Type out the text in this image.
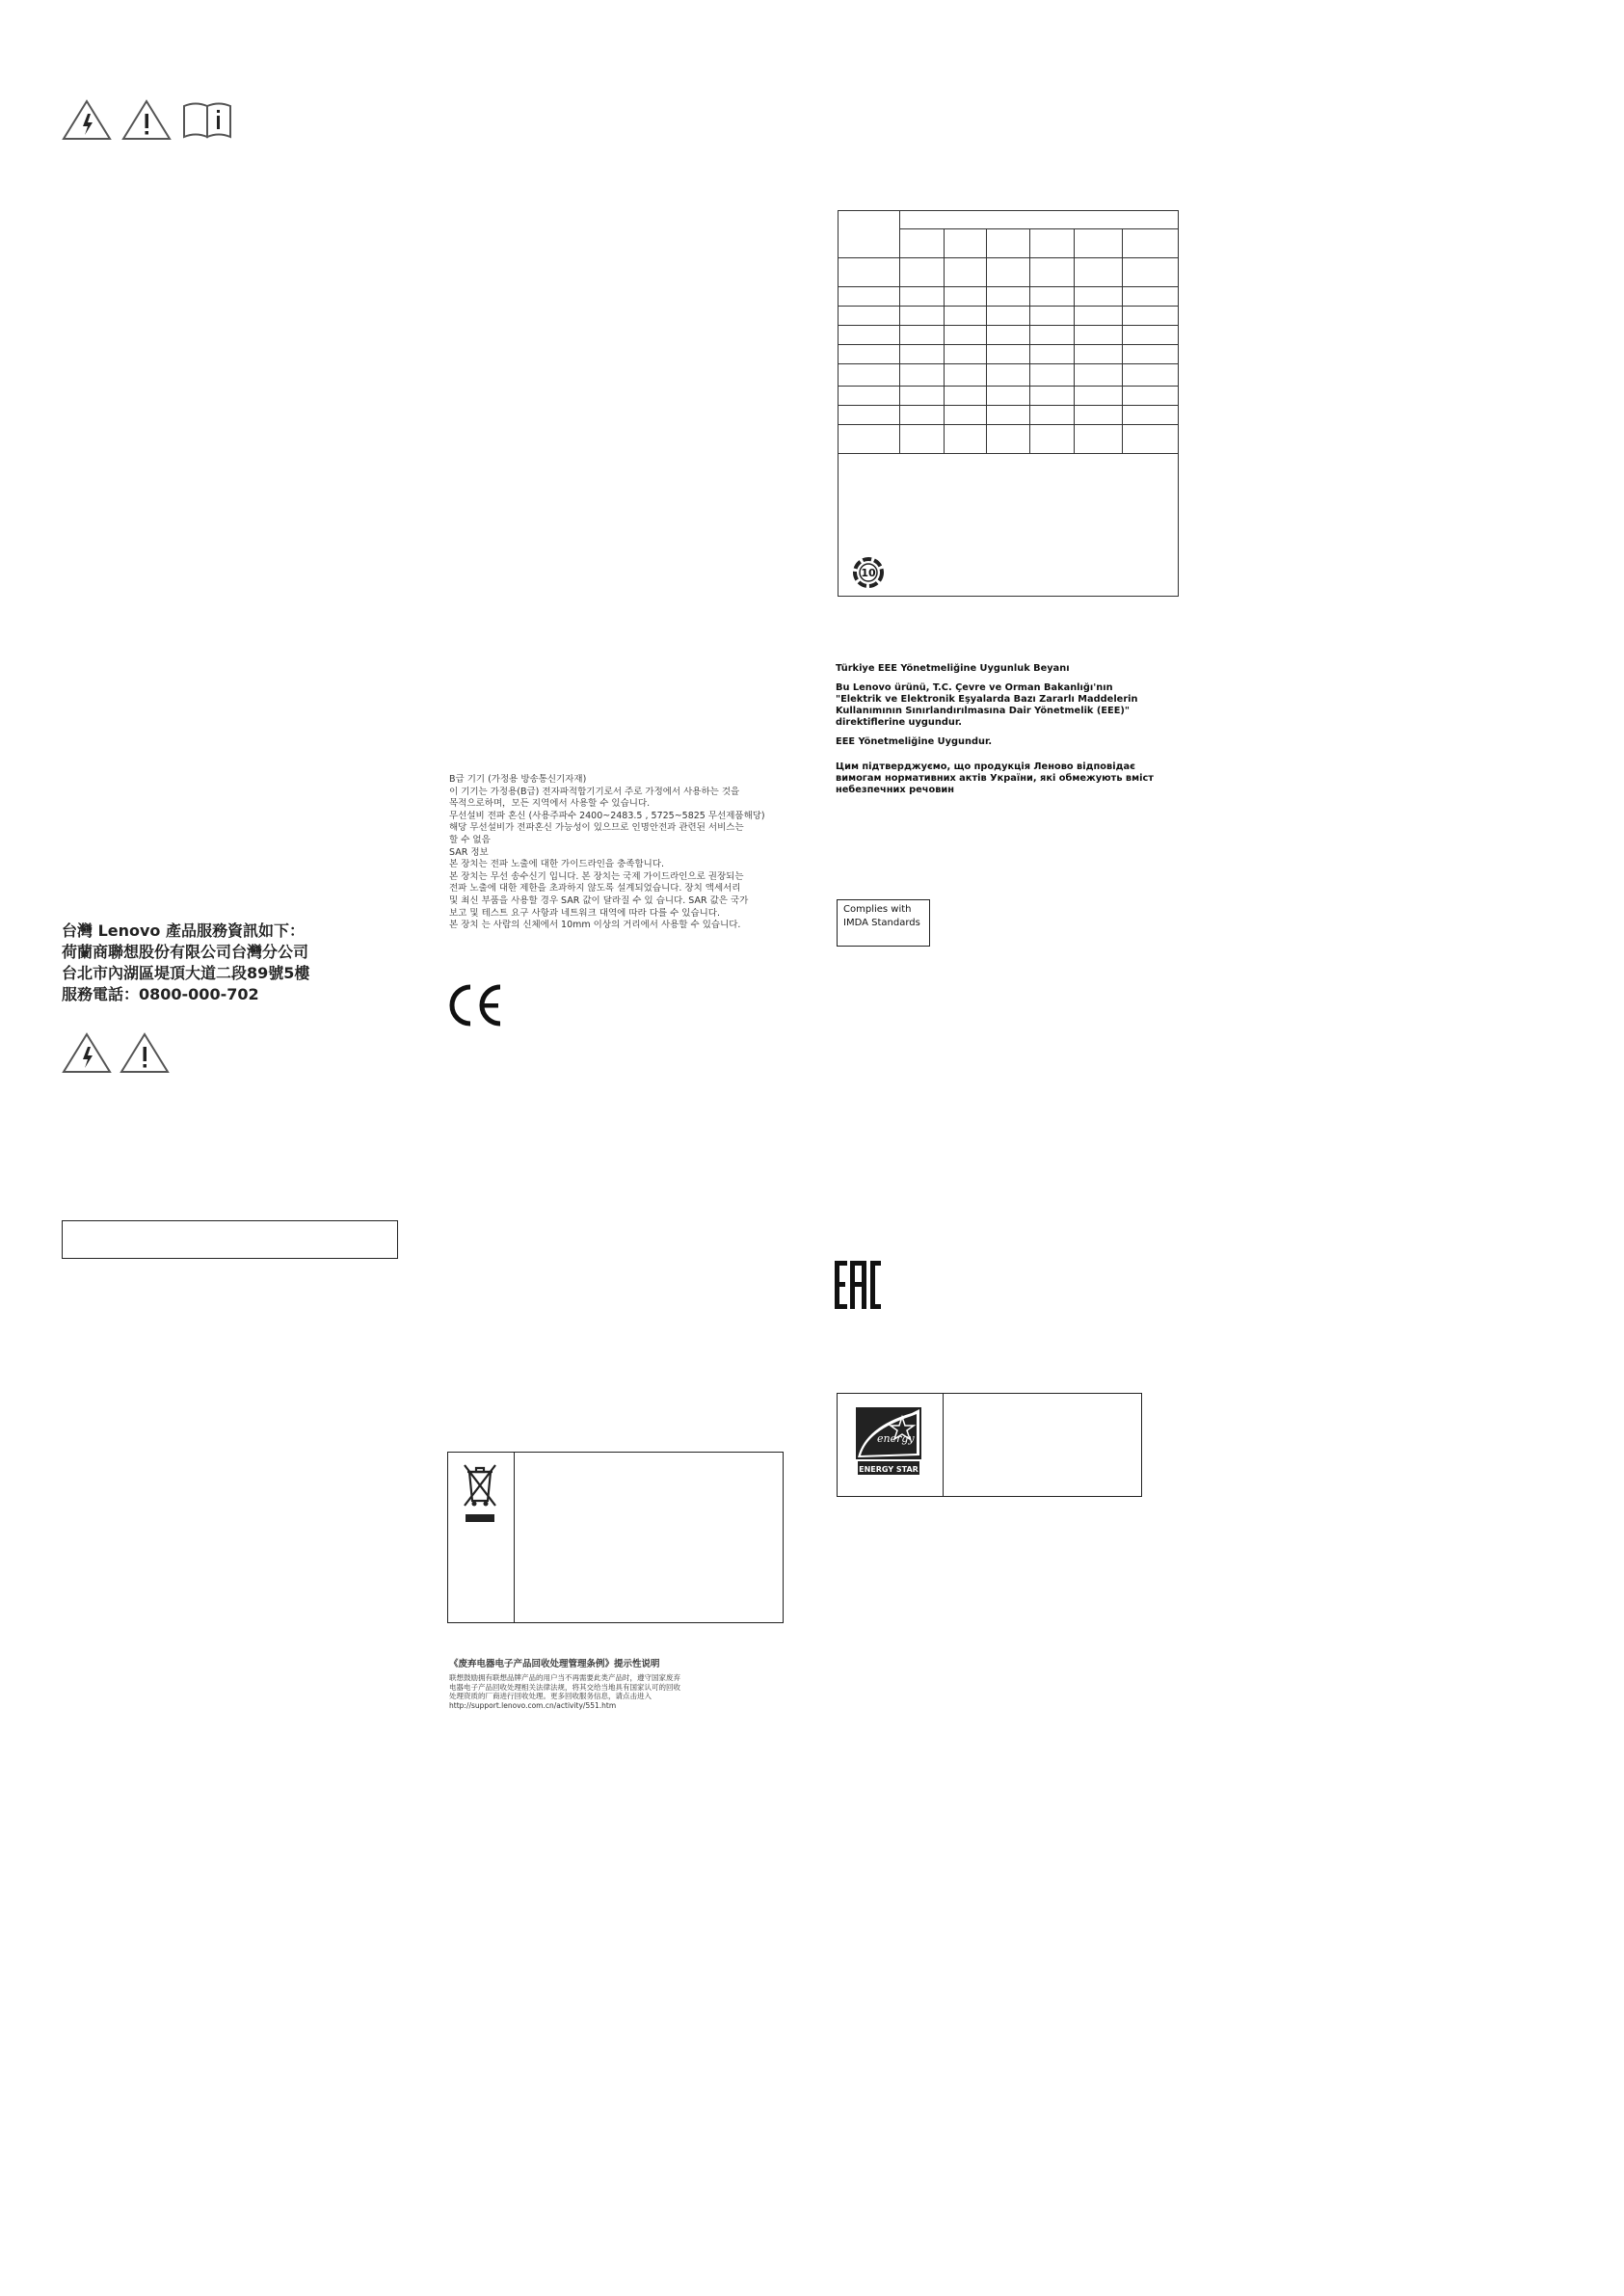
台灣 Lenovo 產品服務資訊如下：
荷蘭商聯想股份有限公司台灣分公司
台北市內湖區堤頂大道二段89號5樓
服務電話：0800-000-702
B급 기기 (가정용 방송통신기자재)
이 기기는 가정용(B급) 전자파적합기기로서 주로 가정에서 사용하는 것을
목적으로하며，모든 지역에서 사용할 수 있습니다.
무선설비 전파 혼신 (사용주파수 2400~2483.5 , 5725~5825 무선제품해당)
해당 무선설비가 전파혼신 가능성이 있으므로 인명안전과 관련된 서비스는
할 수 없음
SAR 정보
본 장치는 전파 노출에 대한 가이드라인을 충족합니다.
본 장치는 무선 송수신기 입니다. 본 장치는 국제 가이드라인으로 권장되는
전파 노출에 대한 제한을 초과하지 않도록 설계되었습니다. 장치 액세서리
및 최신 부품을 사용할 경우 SAR 값이 달라질 수 있 습니다. SAR 값은 국가
보고 및 테스트 요구 사항과 네트워크 대역에 따라 다를 수 있습니다.
본 장치 는 사람의 신체에서 10mm 이상의 거리에서 사용할 수 있습니다.
《废弃电器电子产品回收处理管理条例》提示性说明
联想鼓励拥有联想品牌产品的用户当不再需要此类产品时，遵守国家废弃
电器电子产品回收处理相关法律法规，将其交给当地具有国家认可的回收
处理资质的厂商进行回收处理。更多回收服务信息，请点击进入
http://support.lenovo.com.cn/activity/551.htm

10
Türkiye EEE Yönetmeliğine Uygunluk Beyanı

Bu Lenovo ürünü, T.C. Çevre ve Orman Bakanlığı'nın "Elektrik ve Elektronik Eşyalarda Bazı Zararlı Maddelerin Kullanımının Sınırlandırılmasına Dair Yönetmelik (EEE)" direktiflerine uygundur.

EEE Yönetmeliğine Uygundur.

Цим підтверджуємо, що продукція Леново відповідає вимогам нормативних актів України, які обмежують вміст небезпечних речовин
Complies with
IMDA Standards
energy
ENERGY STAR
